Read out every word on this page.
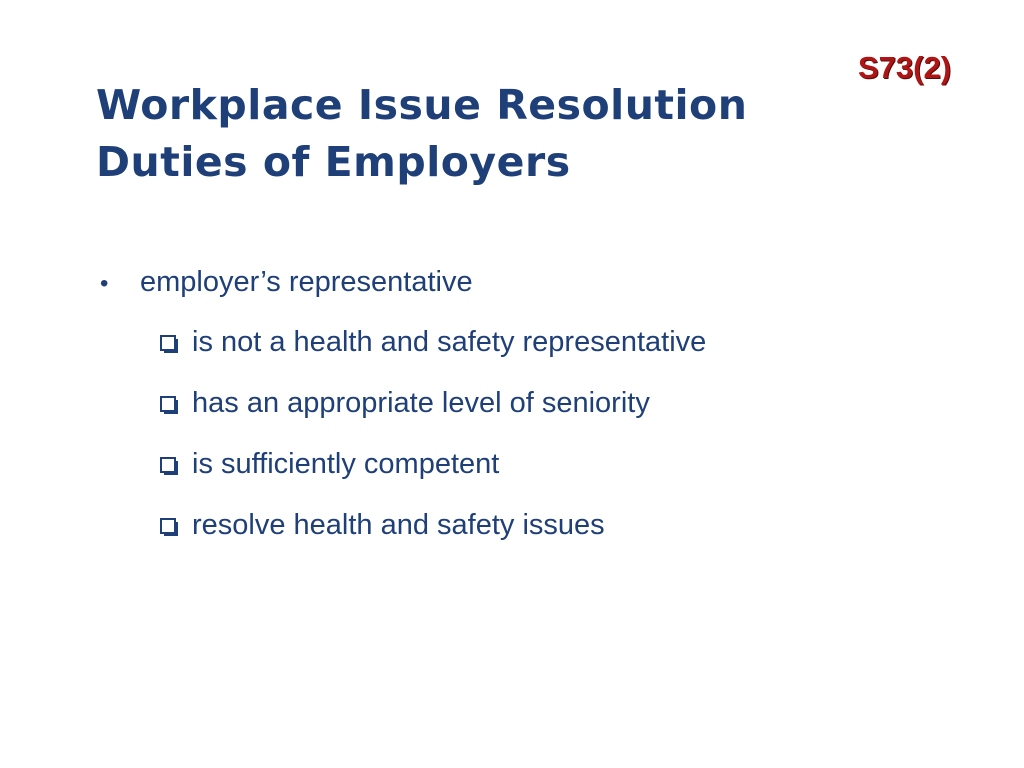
S73(2)
Workplace Issue Resolution
Duties of Employers
•	employer’s representative
is not a health and safety representative
has an appropriate level of seniority
is sufficiently competent
resolve health and safety issues
